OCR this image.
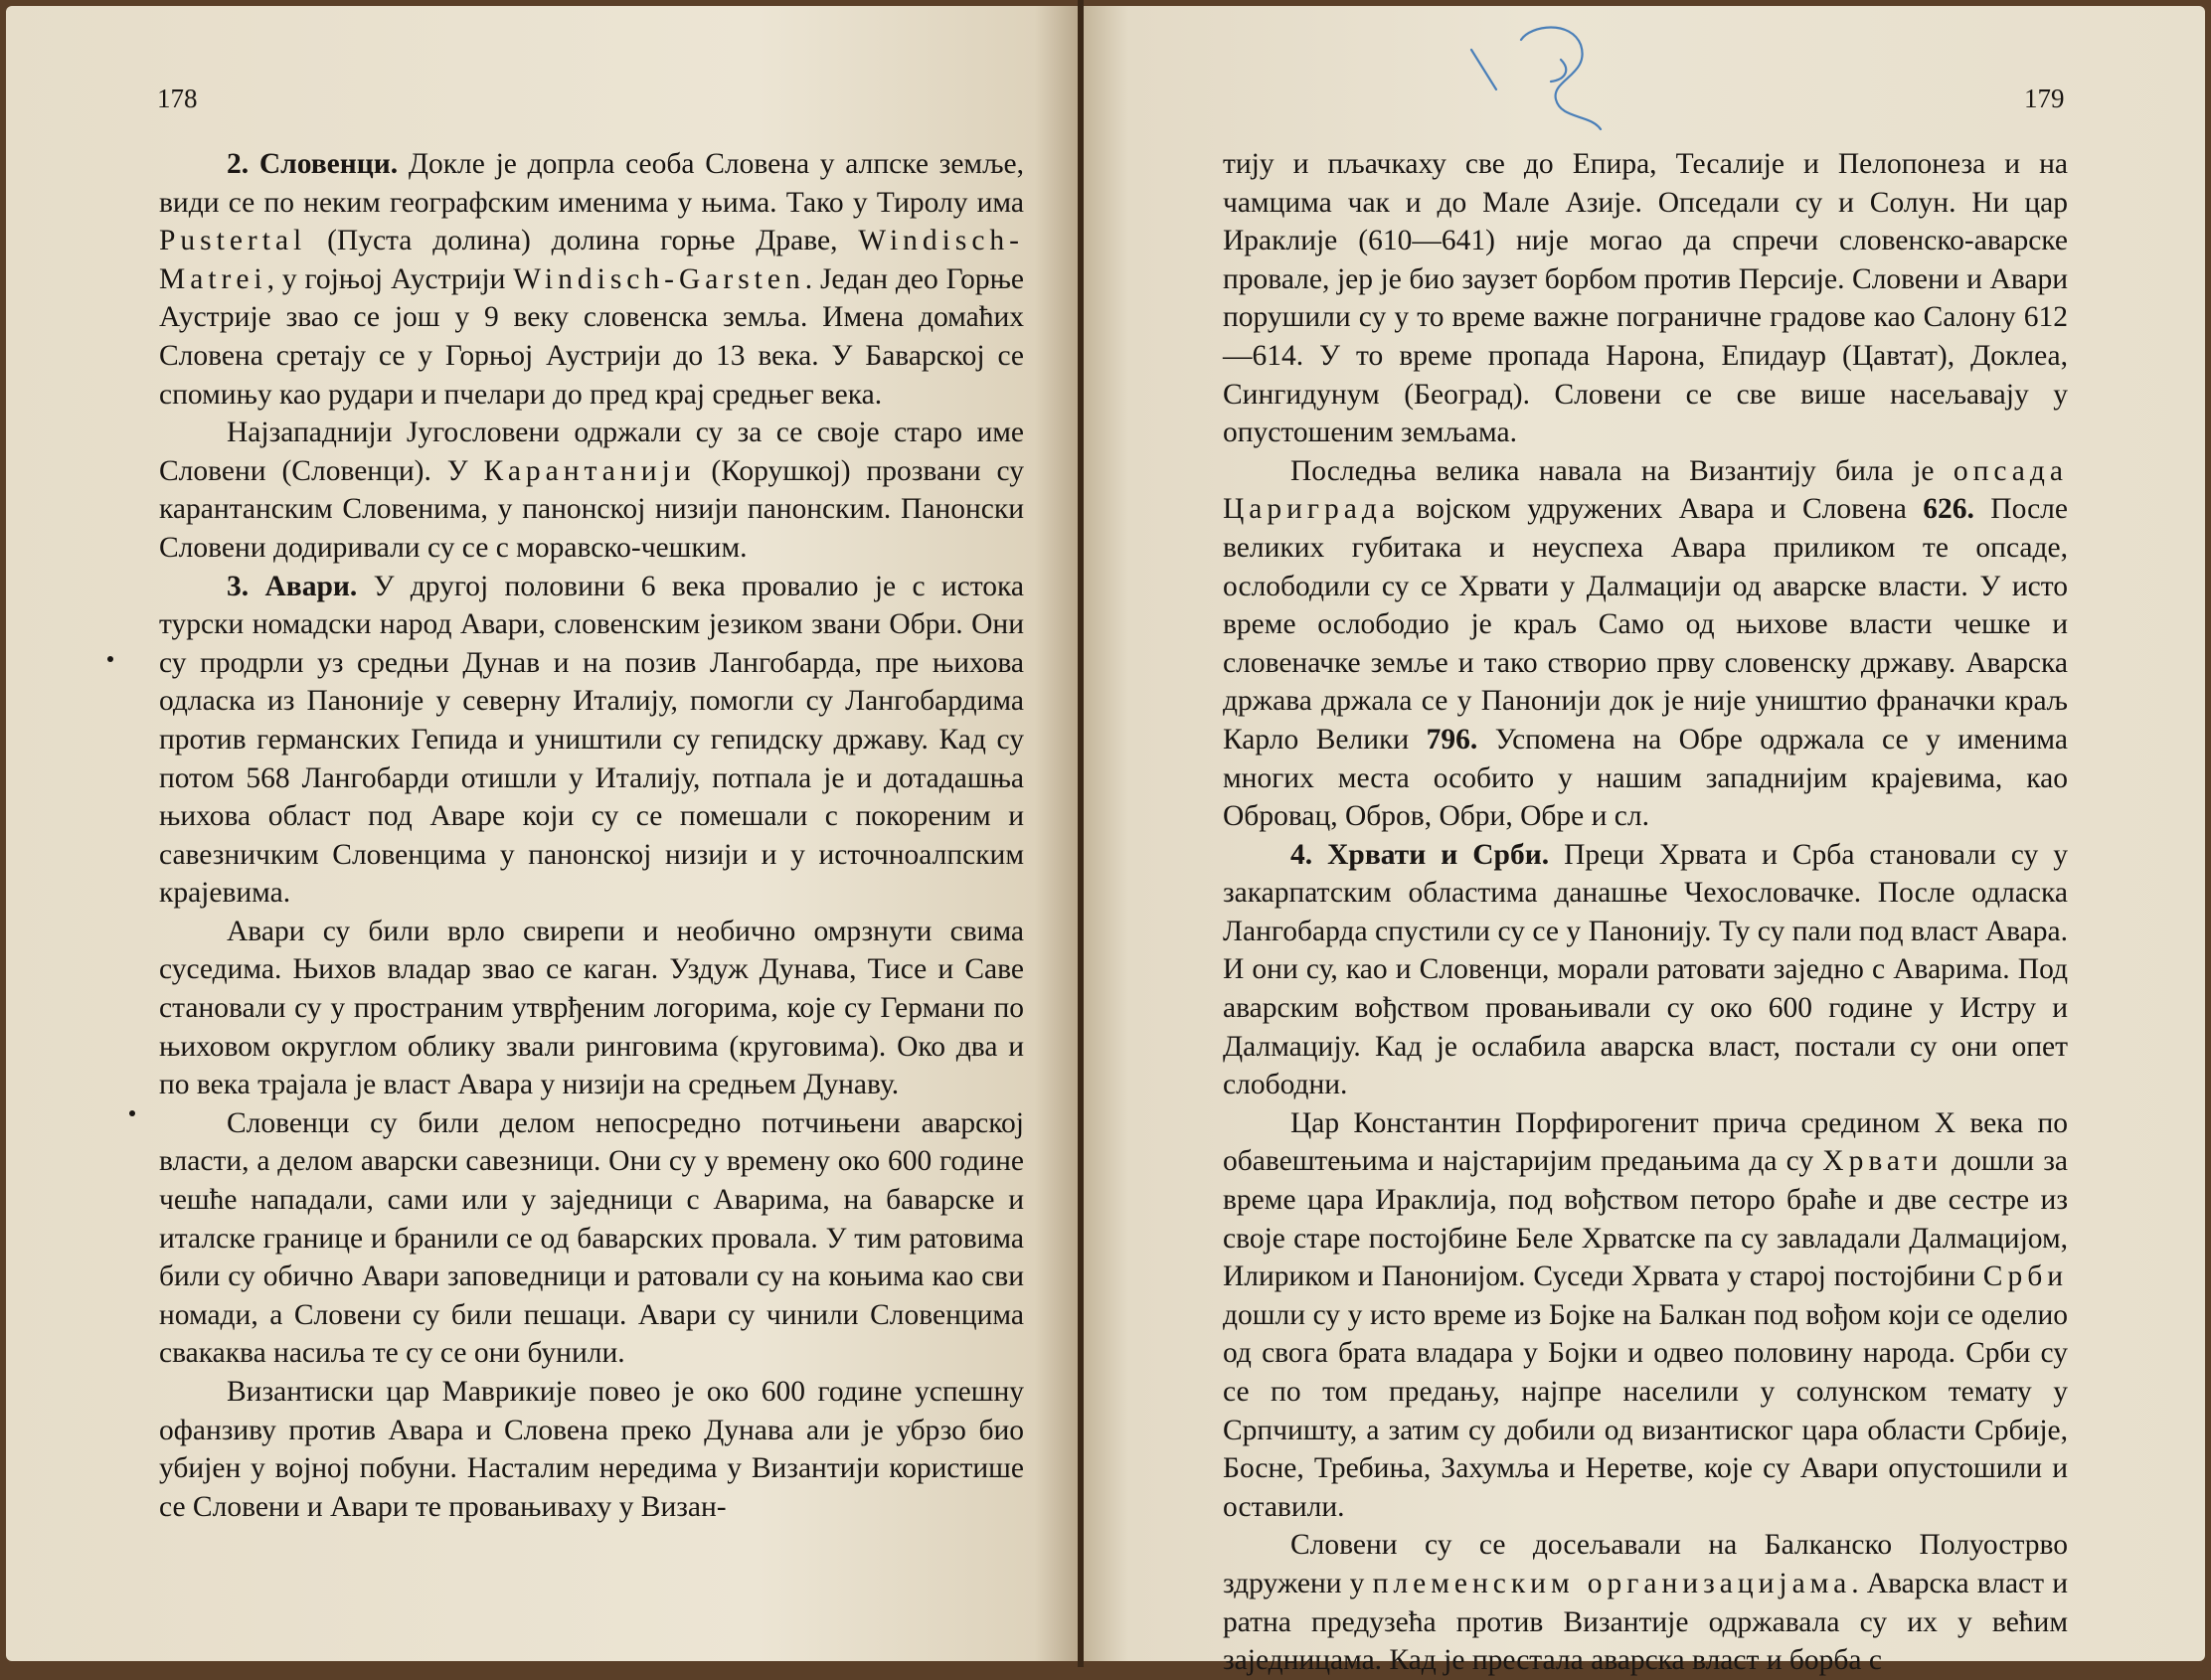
178

2. Словенци. Докле је допрла сеоба Словена у алпске земље, види се по неким географским именима у њима. Тако у Тиролу има Pustertal (Пуста долина) долина горње Драве, Windisch-Matrei, у гојњој Аустрији Windisch-Garsten. Један део Горње Аустрије звао се још у 9 веку словенска земља. Имена домаћих Словена сретају се у Горњој Аустрији до 13 века. У Баварској се спомињу као рудари и пчелари до пред крај средњег века.

Најзападнији Југословени одржали су за се своје старо име Словени (Словенци). У Карантанији (Корушкој) прозвани су карантанским Словенима, у панонској низији панонским. Панонски Словени додиривали су се с моравско-чешким.

3. Авари. У другој половини 6 века провалио је с истока турски номадски народ Авари, словенским језиком звани Обри. Они су продрли уз средњи Дунав и на позив Лангобарда, пре њихова одласка из Паноније у северну Италију, помогли су Лангобардима против германских Гепида и уништили су гепидску државу. Кад су потом 568 Лангобарди отишли у Италију, потпала је и дотадашња њихова област под Аваре који су се помешали с покореним и савезничким Словенцима у панонској низији и у источноалпским крајевима.

Авари су били врло свирепи и необично омрзнути свима суседима. Њихов владар звао се каган. Уздуж Дунава, Тисе и Саве становали су у пространим утврђеним логорима, које су Германи по њиховом округлом облику звали ринговима (круговима). Око два и по века трајала је власт Авара у низији на средњем Дунаву.

Словенци су били делом непосредно потчињени аварској власти, а делом аварски савезници. Они су у времену око 600 године чешће нападали, сами или у заједници с Аварима, на баварске и италске границе и бранили се од баварских провала. У тим ратовима били су обично Авари заповедници и ратовали су на коњима као сви номади, а Словени су били пешаци. Авари су чинили Словенцима свакаква насиља те су се они бунили.

Византиски цар Маврикије повео је око 600 године успешну офанзиву против Авара и Словена преко Дунава али је убрзо био убијен у војној побуни. Насталим нередима у Византији користише се Словени и Авари те провањиваху у Визан-

179

тију и пљачкаху све до Епира, Тесалије и Пелопонеза и на чамцима чак и до Мале Азије. Опседали су и Солун. Ни цар Ираклије (610—641) није могао да спречи словенско-аварске провале, јер је био заузет борбом против Персије. Словени и Авари порушили су у то време важне пограничне градове као Салону 612—614. У то време пропада Нарона, Епидаур (Цавтат), Доклеа, Сингидунум (Београд). Словени се све више насељавају у опустошеним земљама.

Последња велика навала на Византију била је опсада Цариграда војском удружених Авара и Словена 626. После великих губитака и неуспеха Авара приликом те опсаде, ослободили су се Хрвати у Далмацији од аварске власти. У исто време ослободио је краљ Само од њихове власти чешке и словеначке земље и тако створио прву словенску државу. Аварска држава држала се у Панонији док је није уништио франачки краљ Карло Велики 796. Успомена на Обре одржала се у именима многих места особито у нашим западнијим крајевима, као Обровац, Обров, Обри, Обре и сл.

4. Хрвати и Срби. Преци Хрвата и Срба становали су у закарпатским областима данашње Чехословачке. После одласка Лангобарда спустили су се у Панонију. Ту су пали под власт Авара. И они су, као и Словенци, морали ратовати заједно с Аварима. Под аварским вођством провањивали су око 600 године у Истру и Далмацију. Кад је ослабила аварска власт, постали су они опет слободни.

Цар Константин Порфирогенит прича средином X века по обавештењима и најстаријим предањима да су Хрвати дошли за време цара Ираклија, под вођством петоро браће и две сестре из своје старе постојбине Беле Хрватске па су завладали Далмацијом, Илириком и Панонијом. Суседи Хрвата у старој постојбини Срби дошли су у исто време из Бојке на Балкан под вођом који се оделио од свога брата владара у Бојки и одвео половину народа. Срби су се по том предању, најпре населили у солунском темату у Српчишту, а затим су добили од византиског цара области Србије, Босне, Требиња, Захумља и Неретве, које су Авари опустошили и оставили.

Словени су се досељавали на Балканско Полуострво здружени у племенским организацијама. Аварска власт и ратна предузећа против Византије одржавала су их у већим заједницама. Кад је престала аварска власт и борба с
